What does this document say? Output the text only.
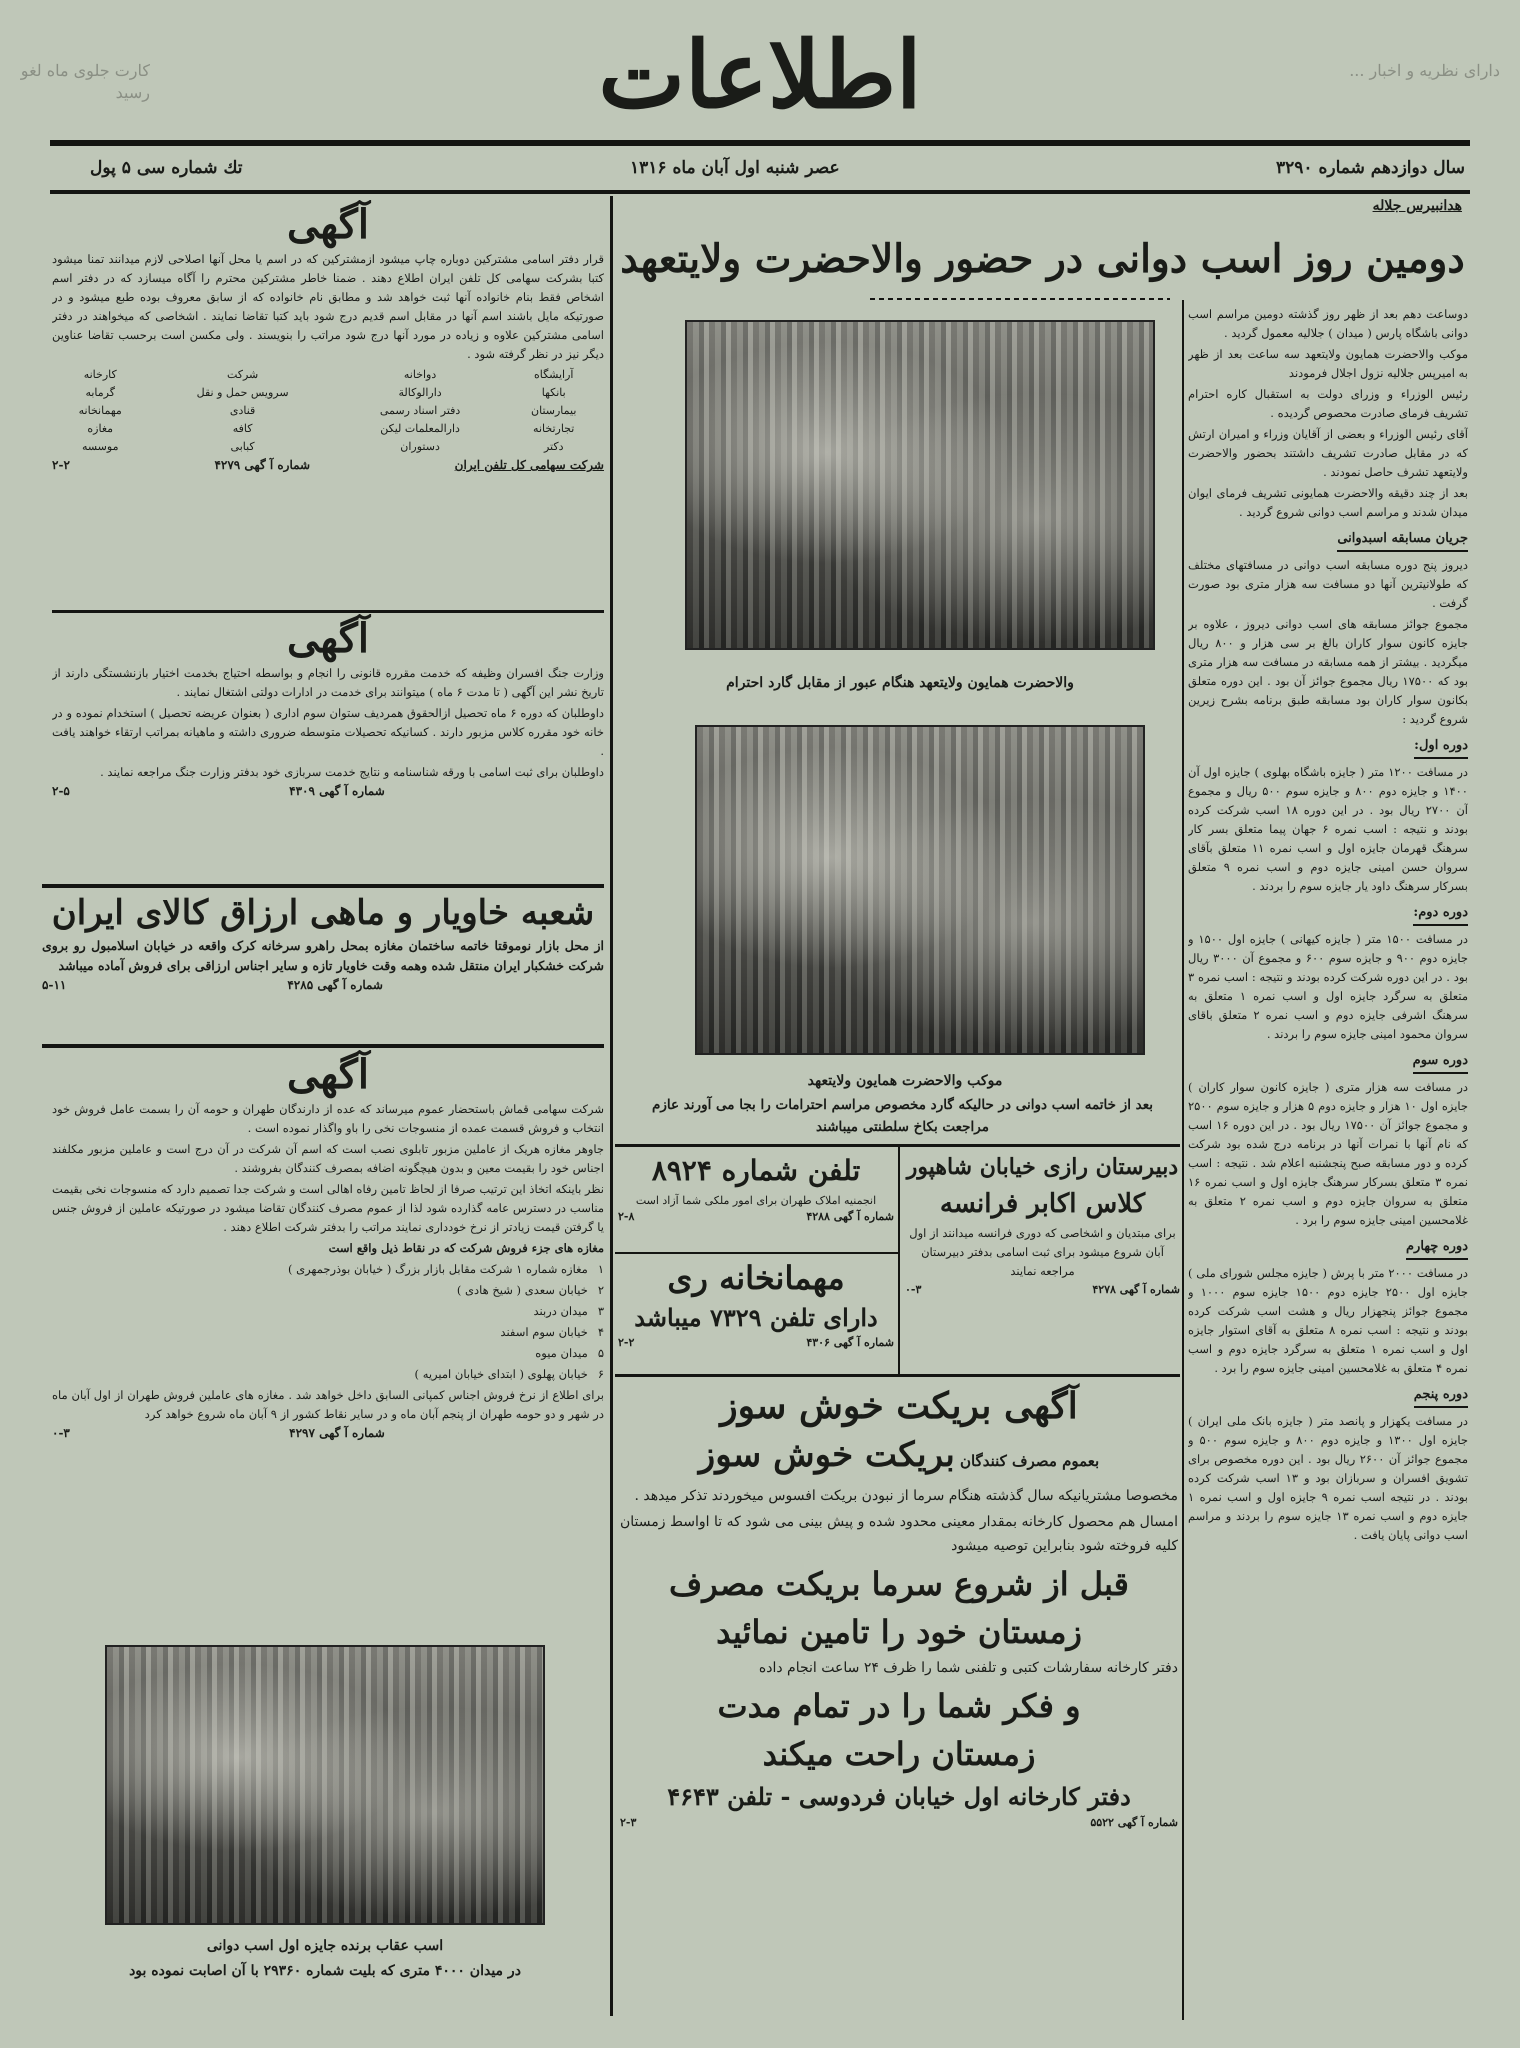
کارت جلوی ماه لغو رسید
دارای نظریه و اخبار ...
اطلاعات
سال دوازدهم شماره ۳۲۹۰
عصر شنبه اول آبان ماه ۱۳۱۶
تك شماره سی ۵ پول
آگهی

قرار دفتر اسامی مشترکین دوباره چاپ میشود ازمشترکین که در اسم یا محل آنها اصلاحی لازم میدانند تمنا میشود کتبا بشرکت سهامی کل تلفن ایران اطلاع دهند . ضمنا خاطر مشترکین محترم را آگاه میسازد که در دفتر اسم اشخاص فقط بنام خانواده آنها ثبت خواهد شد و مطابق نام خانواده که از سابق معروف بوده طبع میشود و در صورتیکه مایل باشند اسم آنها در مقابل اسم قدیم درج شود باید کتبا تقاضا نمایند . اشخاصی که میخواهند در دفتر اسامی مشترکین علاوه و زیاده در مورد آنها درج شود مراتب را بنویسند . ولی مکسن است برحسب تقاضا عناوین دیگر نیز در نظر گرفته شود .

آرایشگاه	دواخانه	شرکت	کارخانه
بانکها	دارالوکالة	سرویس حمل و نقل	گرمابه
بیمارستان	دفتر اسناد رسمی	قنادی	مهمانخانه
تجارتخانه	دارالمعلمات لیکن	کافه	مغازه
دکتر	دستوران	کبابی	موسسه
شرکت سهامی کل تلفن ایران
شماره آ گهی ۴۲۷۹
۲-۲
آگهی

وزارت جنگ افسران وظیفه که خدمت مقرره قانونی را انجام و بواسطه احتیاج بخدمت اختیار بازنشستگی دارند از تاریخ نشر این آگهی ( تا مدت ۶ ماه ) میتوانند برای خدمت در ادارات دولتی اشتغال نمایند .

داوطلبان که دوره ۶ ماه تحصیل ازالحقوق همردیف ستوان سوم اداری ( بعنوان عریضه تحصیل ) استخدام نموده و در خانه خود مقرره کلاس مزبور دارند . کسانیکه تحصیلات متوسطه ضروری داشته و ماهیانه بمراتب ارتقاء خواهند یافت .

داوطلبان برای ثبت اسامی با ورقه شناسنامه و نتایج خدمت سربازی خود بدفتر وزارت جنگ مراجعه نمایند .

شماره آ گهی ۴۳۰۹
۲-۵
شعبه خاویار و ماهی ارزاق کالای ایران

از محل بازار نوموقتا خاتمه ساختمان مغازه بمحل راهرو سرخانه کرک واقعه در خیابان اسلامبول رو بروی شرکت خشکبار ایران منتقل شده وهمه وقت خاویار تازه و سایر اجناس ارزاقی برای فروش آماده میباشد

شماره آ گهی ۴۲۸۵
۵-۱۱
آگهی

شرکت سهامی قماش باستحضار عموم میرساند که عده از دارندگان طهران و حومه آن را بسمت عامل فروش خود انتخاب و فروش قسمت عمده از منسوجات نخی را باو واگذار نموده است .

جاوهر مغازه هریک از عاملین مزبور تابلوی نصب است که اسم آن شرکت در آن درج است و عاملین مزبور مکلفند اجناس خود را بقیمت معین و بدون هیچگونه اضافه بمصرف کنندگان بفروشند .

نظر باینکه اتخاذ این ترتیب صرفا از لحاظ تامین رفاه اهالی است و شرکت جدا تصمیم دارد که منسوجات نخی بقیمت مناسب در دسترس عامه گذارده شود لذا از عموم مصرف کنندگان تقاضا میشود در صورتیکه عاملین از فروش جنس یا گرفتن قیمت زیادتر از نرخ خودداری نمایند مراتب را بدفتر شرکت اطلاع دهند .

مغازه های جزء فروش شرکت که در نقاط ذیل واقع است

۱
مغازه شماره ۱ شرکت مقابل بازار بزرگ ( خیابان بوذرجمهری )
۲
خیابان سعدی ( شیخ هادی )
۳
میدان دربند
۴
خیابان سوم اسفند
۵
میدان میوه
۶
خیابان پهلوی ( ابتدای خیابان امیریه )

برای اطلاع از نرخ فروش اجناس کمپانی السابق داخل خواهد شد . مغازه های عاملین فروش طهران از اول آبان ماه در شهر و دو حومه طهران از پنجم آبان ماه و در سایر نقاط کشور از ۹ آبان ماه شروع خواهد کرد

شماره آ گهی ۴۲۹۷
۰-۳
اسب عقاب برنده جایزه اول اسب دوانی
در میدان ۴۰۰۰ متری که بلیت شماره ۲۹۳۶۰ با آن اصابت نموده بود
هدانبیرس جلاله
دومین روز اسب دوانی در حضور والاحضرت ولایتعهد
والاحضرت همایون ولایتعهد هنگام عبور از مقابل گارد احترام
موکب والاحضرت همایون ولایتعهد
بعد از خاتمه اسب دوانی در حالیکه گارد مخصوص مراسم احترامات را بجا می آورند عازم مراجعت بکاخ سلطنتی میباشند

دوساعت دهم بعد از ظهر روز گذشته دومین مراسم اسب دوانی باشگاه پارس ( میدان ) جلالیه معمول گردید .

موکب والاحضرت همایون ولایتعهد سه ساعت بعد از ظهر به امیرپس جلالیه نزول اجلال فرمودند

رئیس الوزراء و وزرای دولت به استقبال کاره احترام تشریف فرمای صادرت محصوص گردیده .

آقای رئیس الوزراء و بعضی از آقایان وزراء و امیران ارتش که در مقابل صادرت تشریف داشتند بحضور والاحضرت ولایتعهد تشرف حاصل نمودند .

بعد از چند دقیقه والاحضرت همایونی تشریف فرمای ایوان میدان شدند و مراسم اسب دوانی شروع گردید .

جریان مسابقه اسبدوانی

دیروز پنج دوره مسابقه اسب دوانی در مسافتهای مختلف که طولانیترین آنها دو مسافت سه هزار متری بود صورت گرفت .

مجموع جوائز مسابقه های اسب دوانی دیروز ، علاوه بر جایزه کانون سوار کاران بالغ بر سی هزار و ۸۰۰ ریال میگردید . بیشتر از همه مسابقه در مسافت سه هزار متری بود که ۱۷۵۰۰ ریال مجموع جوائز آن بود . این دوره متعلق بکانون سوار کاران بود مسابقه طبق برنامه بشرح زیرین شروع گردید :

دوره اول:

در مسافت ۱۲۰۰ متر ( جایزه باشگاه بهلوی ) جایزه اول آن ۱۴۰۰ و جایزه دوم ۸۰۰ و جایزه سوم ۵۰۰ ریال و مجموع آن ۲۷۰۰ ریال بود . در این دوره ۱۸ اسب شرکت کرده بودند و نتیجه : اسب نمره ۶ جهان پیما متعلق بسر کار سرهنگ قهرمان جایزه اول و اسب نمره ۱۱ متعلق بآقای سروان حسن امینی جایزه دوم و اسب نمره ۹ متعلق بسرکار سرهنگ داود یار جایزه سوم را بردند .

دوره دوم:

در مسافت ۱۵۰۰ متر ( جایزه کیهانی ) جایزه اول ۱۵۰۰ و جایزه دوم ۹۰۰ و جایزه سوم ۶۰۰ و مجموع آن ۳۰۰۰ ریال بود . در این دوره شرکت کرده بودند و نتیجه : اسب نمره ۳ متعلق به سرگرد جایزه اول و اسب نمره ۱ متعلق به سرهنگ اشرفی جایزه دوم و اسب نمره ۲ متعلق باقای سروان محمود امینی جایزه سوم را بردند .

دوره سوم

در مسافت سه هزار متری ( جایزه کانون سوار کاران ) جایزه اول ۱۰ هزار و جایزه دوم ۵ هزار و جایزه سوم ۲۵۰۰ و مجموع جوائز آن ۱۷۵۰۰ ریال بود . در این دوره ۱۶ اسب که نام آنها با نمرات آنها در برنامه درج شده بود شرکت کرده و دور مسابقه صبح پنجشنبه اعلام شد . نتیجه : اسب نمره ۳ متعلق بسرکار سرهنگ جایزه اول و اسب نمره ۱۶ متعلق به سروان جایزه دوم و اسب نمره ۲ متعلق به غلامحسین امینی جایزه سوم را برد .

دوره چهارم

در مسافت ۲۰۰۰ متر با پرش ( جایزه مجلس شورای ملی ) جایزه اول ۲۵۰۰ جایزه دوم ۱۵۰۰ جایزه سوم ۱۰۰۰ و مجموع جوائز پنجهزار ریال و هشت اسب شرکت کرده بودند و نتیجه : اسب نمره ۸ متعلق به آقای استوار جایزه اول و اسب نمره ۱ متعلق به سرگرد جایزه دوم و اسب نمره ۴ متعلق به غلامحسین امینی جایزه سوم را برد .

دوره پنجم

در مسافت یکهزار و پانصد متر ( جایزه بانک ملی ایران ) جایزه اول ۱۳۰۰ و جایزه دوم ۸۰۰ و جایزه سوم ۵۰۰ و مجموع جوائز آن ۲۶۰۰ ریال بود . این دوره مخصوص برای تشویق افسران و سربازان بود و ۱۳ اسب شرکت کرده بودند . در نتیجه اسب نمره ۹ جایزه اول و اسب نمره ۱ جایزه دوم و اسب نمره ۱۳ جایزه سوم را بردند و مراسم اسب دوانی پایان یافت .

دبیرستان رازی خیابان شاهپور
کلاس اکابر فرانسه

برای مبتدیان و اشخاصی که دوری فرانسه میدانند از اول آبان شروع میشود برای ثبت اسامی بدفتر دبیرستان مراجعه نمایند

شماره آ گهی ۴۲۷۸
۰-۳
تلفن شماره ۸۹۲۴
انجمنیه املاک طهران برای امور ملکی شما آزاد است
شماره آ گهی ۴۲۸۸
۲-۸
مهمانخانه ری
دارای تلفن ۷۳۲۹ میباشد
شماره آ گهی ۴۳۰۶
۲-۲
آگهی بریکت خوش سوز
بعموم مصرف کنندگان بریکت خوش سوز

مخصوصا مشتریانیکه سال گذشته هنگام سرما از نبودن بریکت افسوس میخوردند تذکر میدهد .

امسال هم محصول کارخانه بمقدار معینی محدود شده و پیش بینی می شود که تا اواسط زمستان کلیه فروخته شود بنابراین توصیه میشود

قبل از شروع سرما بریکت مصرف
زمستان خود را تامین نمائید

دفتر کارخانه سفارشات کتبی و تلفنی شما را ظرف ۲۴ ساعت انجام داده

و فکر شما را در تمام مدت
زمستان راحت میکند
دفتر کارخانه اول خیابان فردوسی - تلفن ۴۶۴۳
شماره آ گهی ۵۵۲۲
۲-۳
